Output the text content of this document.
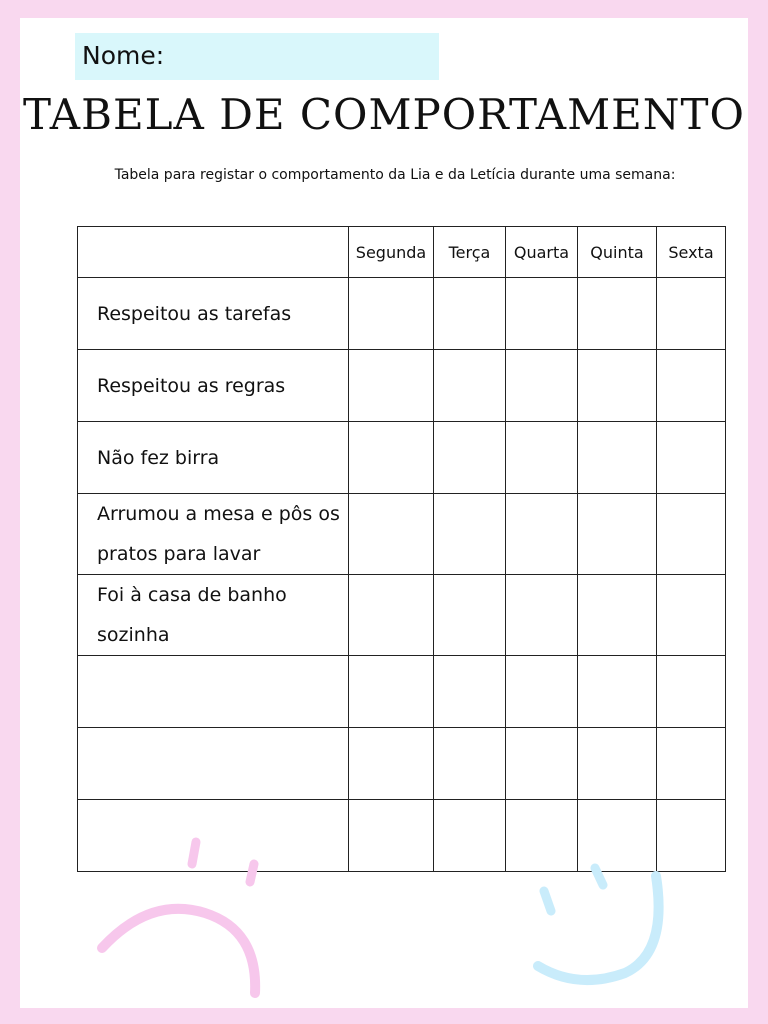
Nome:
TABELA DE COMPORTAMENTO
Tabela para registar o comportamento da Lia e da Letícia durante uma semana:
	Segunda	Terça	Quarta	Quinta	Sexta
Respeitou as tarefas					
Respeitou as regras					
Não fez birra					
Arrumou a mesa e pôs os pratos para lavar					
Foi à casa de banho sozinha					
